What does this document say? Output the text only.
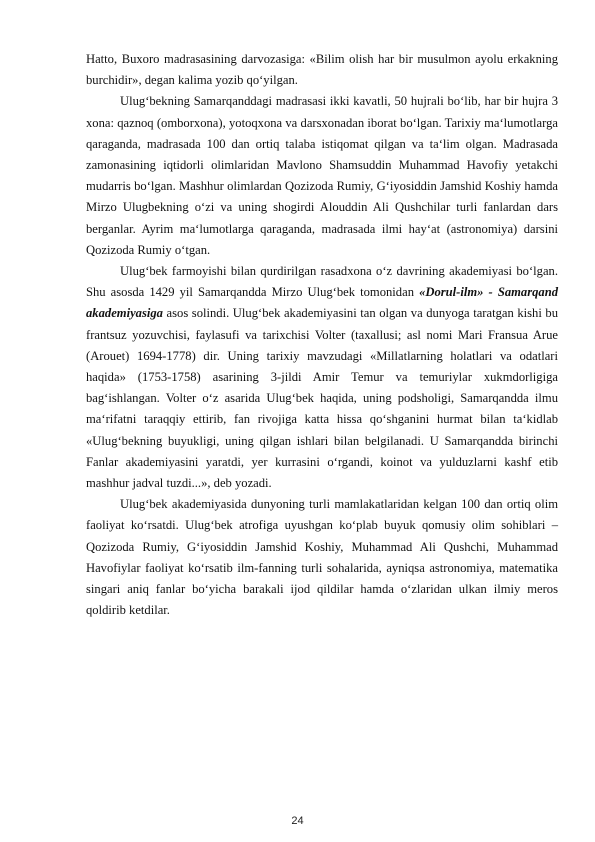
Hatto, Buxoro madrasasining darvozasiga: «Bilim olish har bir musulmon ayolu erkakning burchidir», degan kalima yozib qo‘yilgan.

Ulug‘bekning Samarqanddagi madrasasi ikki kavatli, 50 hujrali bo‘lib, har bir hujra 3 xona: qaznoq (omborxona), yotoqxona va darsxonadan iborat bo‘lgan. Tarixiy ma‘lumotlarga qaraganda, madrasada 100 dan ortiq talaba istiqomat qilgan va ta‘lim olgan. Madrasada zamonasining iqtidorli olimlaridan Mavlono Shamsuddin Muhammad Havofiy yetakchi mudarris bo‘lgan. Mashhur olimlardan Qozizoda Rumiy, G‘iyosiddin Jamshid Koshiy hamda Mirzo Ulugbekning o‘zi va uning shogirdi Alouddin Ali Qushchilar turli fanlardan dars berganlar. Ayrim ma‘lumotlarga qaraganda, madrasada ilmi hay‘at (astronomiya) darsini Qozizoda Rumiy o‘tgan.

Ulug‘bek farmoyishi bilan qurdirilgan rasadxona o‘z davrining akademiyasi bo‘lgan. Shu asosda 1429 yil Samarqandda Mirzo Ulug‘bek tomonidan «Dorul-ilm» - Samarqand akademiyasiga asos solindi. Ulug‘bek akademiyasini tan olgan va dunyoga taratgan kishi bu frantsuz yozuvchisi, faylasufi va tarixchisi Volter (taxallusi; asl nomi Mari Fransua Arue (Arouet) 1694-1778) dir. Uning tarixiy mavzudagi «Millatlarning holatlari va odatlari haqida» (1753-1758) asarining 3-jildi Amir Temur va temuriylar xukmdorligiga bag‘ishlangan. Volter o‘z asarida Ulug‘bek haqida, uning podsholigi, Samarqandda ilmu ma‘rifatni taraqqiy ettirib, fan rivojiga katta hissa qo‘shganini hurmat bilan ta‘kidlab «Ulug‘bekning buyukligi, uning qilgan ishlari bilan belgilanadi. U Samarqandda birinchi Fanlar akademiyasini yaratdi, yer kurrasini o‘rgandi, koinot va yulduzlarni kashf etib mashhur jadval tuzdi...», deb yozadi.

Ulug‘bek akademiyasida dunyoning turli mamlakatlaridan kelgan 100 dan ortiq olim faoliyat ko‘rsatdi. Ulug‘bek atrofiga uyushgan ko‘plab buyuk qomusiy olim sohiblari – Qozizoda Rumiy, G‘iyosiddin Jamshid Koshiy, Muhammad Ali Qushchi, Muhammad Havofiylar faoliyat ko‘rsatib ilm-fanning turli sohalarida, ayniqsa astronomiya, matematika singari aniq fanlar bo‘yicha barakali ijod qildilar hamda o‘zlaridan ulkan ilmiy meros qoldirib ketdilar.

24
